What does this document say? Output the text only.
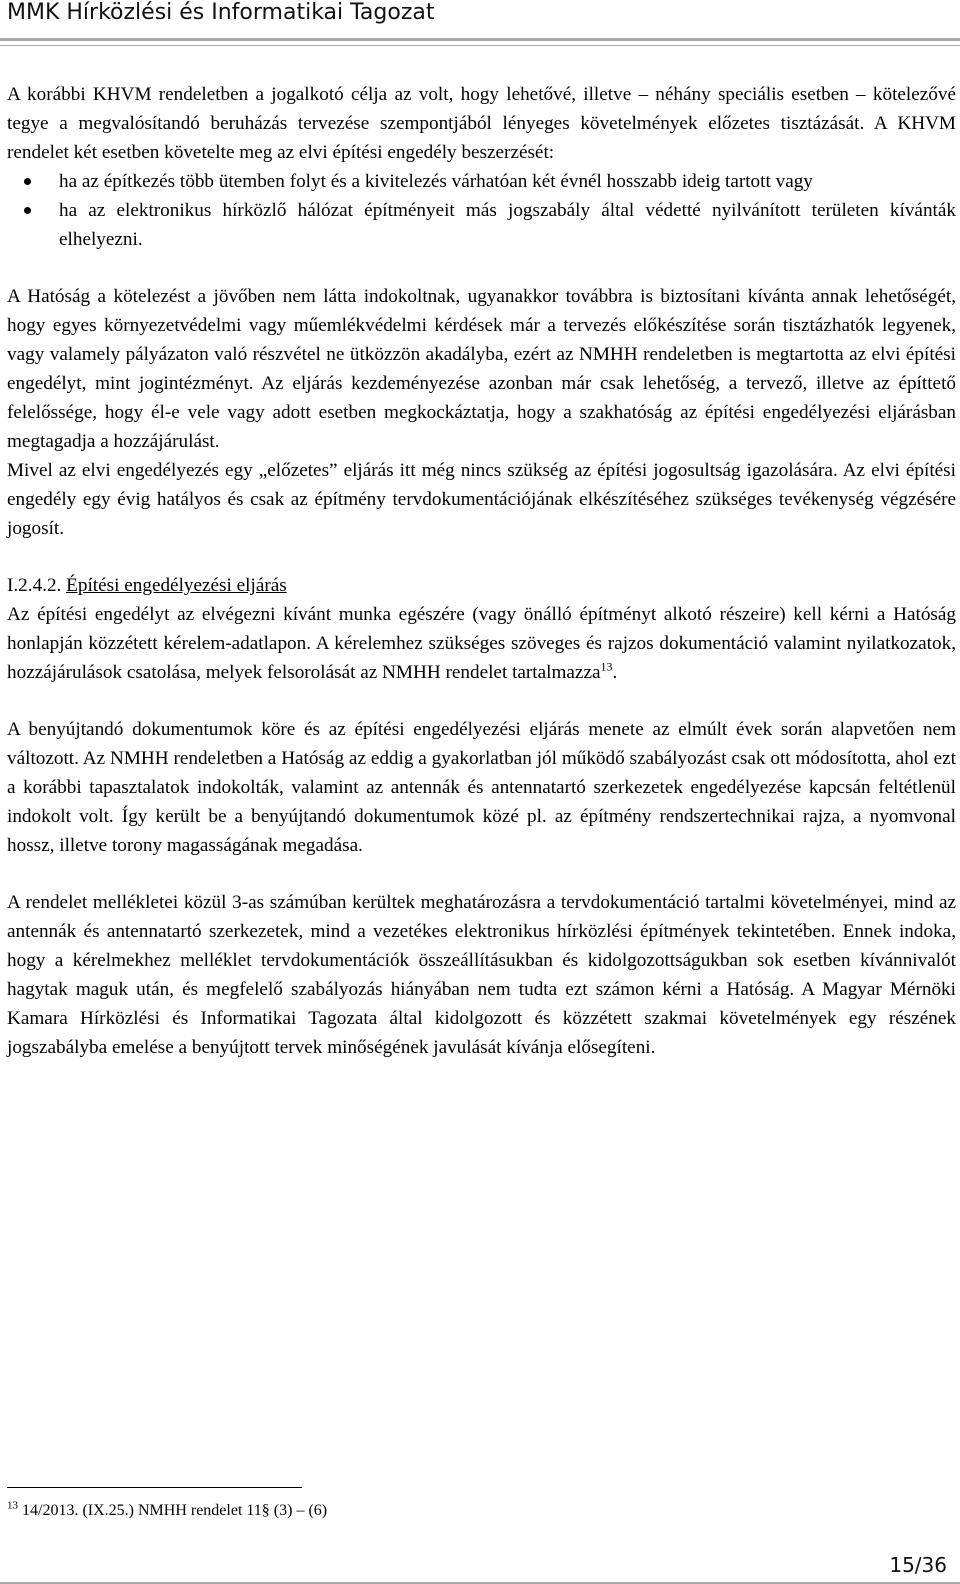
MMK Hírközlési és Informatikai Tagozat

A korábbi KHVM rendeletben a jogalkotó célja az volt, hogy lehetővé, illetve – néhány speciális esetben – kötelezővé tegye a megvalósítandó beruházás tervezése szempontjából lényeges követelmények előzetes tisztázását. A KHVM rendelet két esetben követelte meg az elvi építési engedély beszerzését:

ha az építkezés több ütemben folyt és a kivitelezés várhatóan két évnél hosszabb ideig tartott vagy
ha az elektronikus hírközlő hálózat építményeit más jogszabály által védetté nyilvánított területen kívánták elhelyezni.

A Hatóság a kötelezést a jövőben nem látta indokoltnak, ugyanakkor továbbra is biztosítani kívánta annak lehetőségét, hogy egyes környezetvédelmi vagy műemlékvédelmi kérdések már a tervezés előkészítése során tisztázhatók legyenek, vagy valamely pályázaton való részvétel ne ütközzön akadályba, ezért az NMHH rendeletben is megtartotta az elvi építési engedélyt, mint jogintézményt. Az eljárás kezdeményezése azonban már csak lehetőség, a tervező, illetve az építtető felelőssége, hogy él-e vele vagy adott esetben megkockáztatja, hogy a szakhatóság az építési engedélyezési eljárásban megtagadja a hozzájárulást.

Mivel az elvi engedélyezés egy „előzetes” eljárás itt még nincs szükség az építési jogosultság igazolására. Az elvi építési engedély egy évig hatályos és csak az építmény tervdokumentációjának elkészítéséhez szükséges tevékenység végzésére jogosít.

I.2.4.2. Építési engedélyezési eljárás

Az építési engedélyt az elvégezni kívánt munka egészére (vagy önálló építményt alkotó részeire) kell kérni a Hatóság honlapján közzétett kérelem-adatlapon. A kérelemhez szükséges szöveges és rajzos dokumentáció valamint nyilatkozatok, hozzájárulások csatolása, melyek felsorolását az NMHH rendelet tartalmazza$^{13}$.

A benyújtandó dokumentumok köre és az építési engedélyezési eljárás menete az elmúlt évek során alapvetően nem változott. Az NMHH rendeletben a Hatóság az eddig a gyakorlatban jól működő szabályozást csak ott módosította, ahol ezt a korábbi tapasztalatok indokolták, valamint az antennák és antennatartó szerkezetek engedélyezése kapcsán feltétlenül indokolt volt. Így került be a benyújtandó dokumentumok közé pl. az építmény rendszertechnikai rajza, a nyomvonal hossz, illetve torony magasságának megadása.

A rendelet mellékletei közül 3-as számúban kerültek meghatározásra a tervdokumentáció tartalmi követelményei, mind az antennák és antennatartó szerkezetek, mind a vezetékes elektronikus hírközlési építmények tekintetében. Ennek indoka, hogy a kérelmekhez melléklet tervdokumentációk összeállításukban és kidolgozottságukban sok esetben kívánnivalót hagytak maguk után, és megfelelő szabályozás hiányában nem tudta ezt számon kérni a Hatóság. A Magyar Mérnöki Kamara Hírközlési és Informatikai Tagozata által kidolgozott és közzétett szakmai követelmények egy részének jogszabályba emelése a benyújtott tervek minőségének javulását kívánja elősegíteni.

$^{13}$ 14/2013. (IX.25.) NMHH rendelet 11§ (3) – (6)
15/36
